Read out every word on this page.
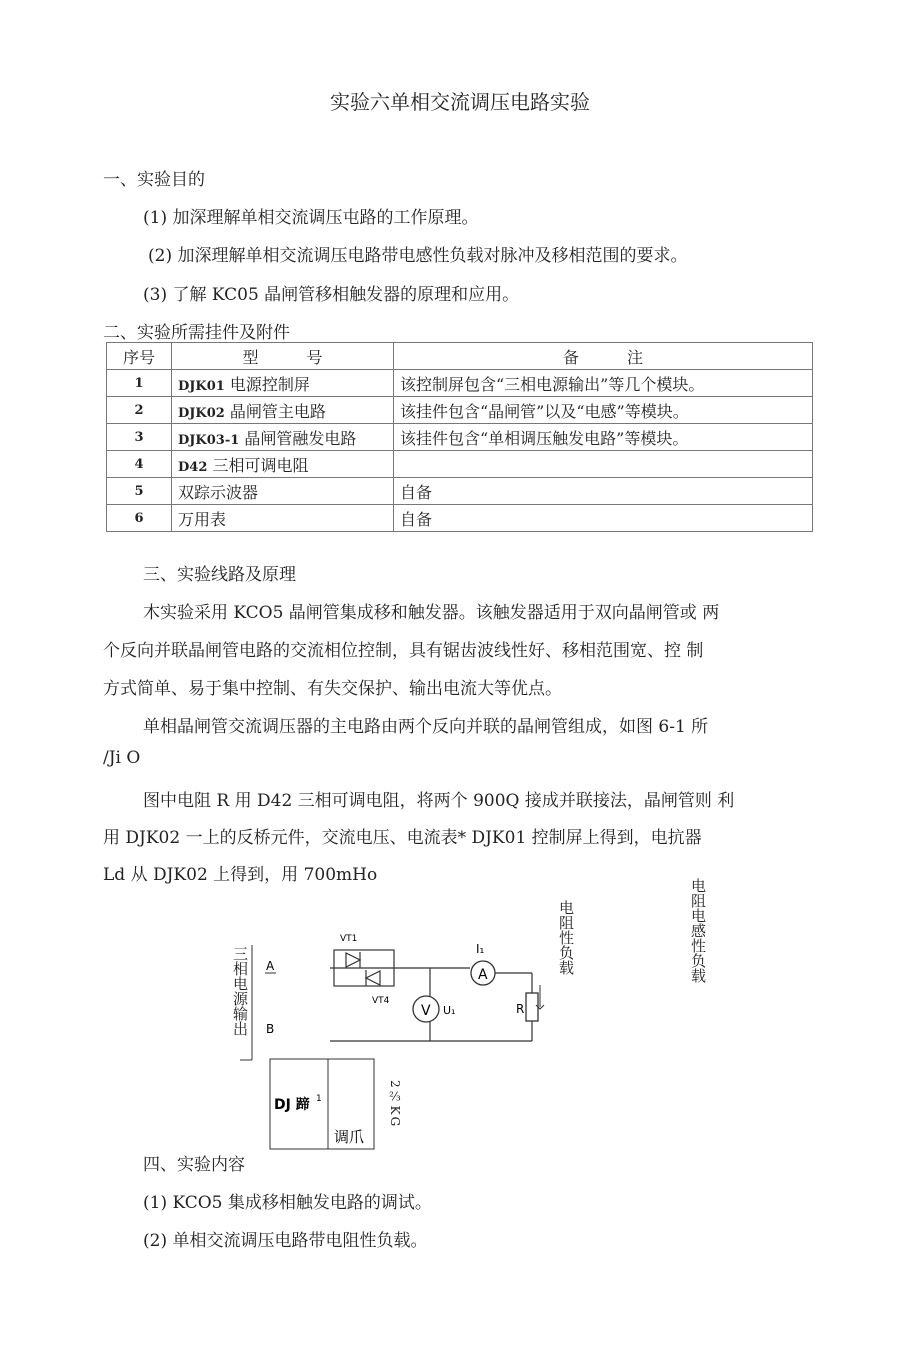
实验六单相交流调压电路实验
一、实验目的
(1) 加深理解单相交流调压屯路的工作原理。
(2) 加深理解单相交流调压电路带电感性负载对脉冲及移相范围的要求。
(3) 了解 KC05 晶闸管移相触发器的原理和应用。
二、实验所需挂件及附件
序号	型　　　号	备　　　注
1	DJK01 电源控制屏	该控制屏包含“三相电源输出”等几个模块。
2	DJK02 晶闸管主电路	该挂件包含“晶闸管”以及“电感”等模块。
3	DJK03-1 晶闸管融发电路	该挂件包含“单相调压触发电路”等模块。
4	D42 三相可调电阻	
5	双踪示波器	自备
6	万用表	自备
三、实验线路及原理
木实验采用 KCO5 晶闸管集成移和触发器。该触发器适用于双向晶闸管或 两
个反向并联晶闸管电路的交流相位控制，具有锯齿波线性好、移相范围宽、控 制
方式简单、易于集中控制、有失交保护、输出电流大等优点。
单相晶闸管交流调压器的主电路由两个反向并联的晶闸管组成，如图 6-1 所
/Ji O
图中电阻 R 用 D42 三相可调电阻，将两个 900Q 接成并联接法，晶闸管则 利
用 DJK02 一上的反桥元件，交流电压、电流表* DJK01 控制屏上得到，电抗器
Ld 从 DJK02 上得到，用 700mHo
三相电源输出
电阻性负载	电阻电感性负载
A
B
VT1
VT4
V U₁
A
I₁
R
DJ 蹄 1
调爪
2⅔KG
四、实验内容
(1) KCO5 集成移相触发电路的调试。
(2) 单相交流调压电路带电阻性负载。
